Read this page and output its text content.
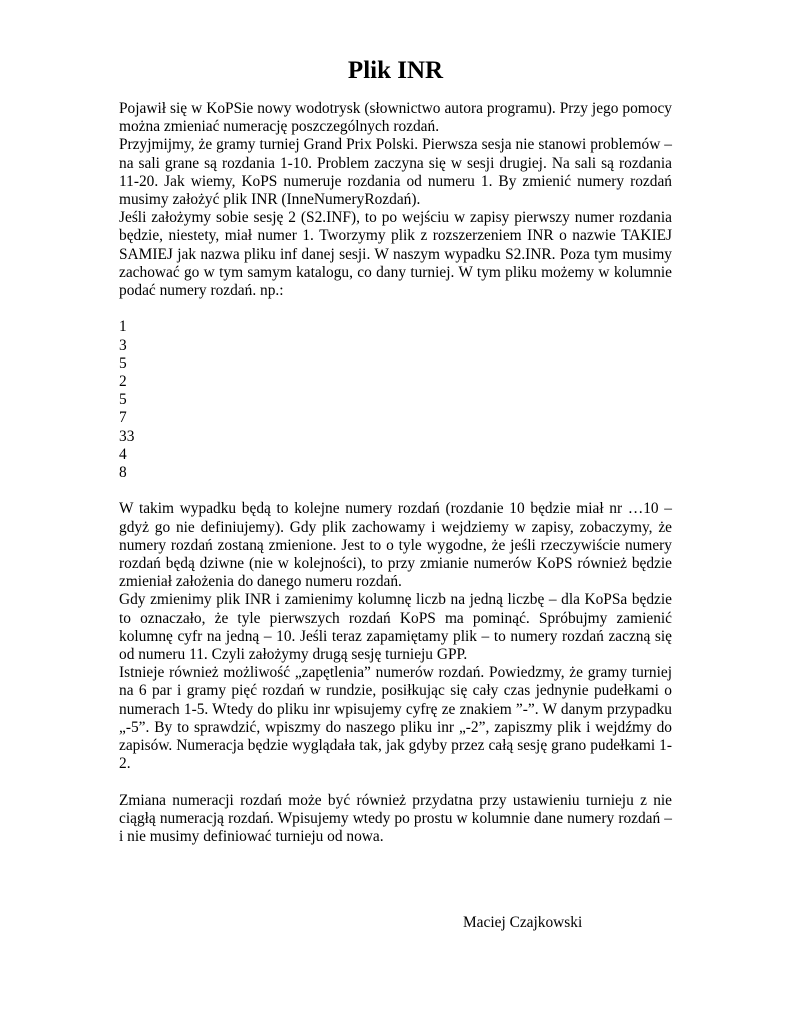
Plik INR

Pojawił się w KoPSie nowy wodotrysk (słownictwo autora programu). Przy jego pomocy można zmieniać numerację poszczególnych rozdań.

Przyjmijmy, że gramy turniej Grand Prix Polski. Pierwsza sesja nie stanowi problemów – na sali grane są rozdania 1-10. Problem zaczyna się w sesji drugiej. Na sali są rozdania 11-20. Jak wiemy, KoPS numeruje rozdania od numeru 1. By zmienić numery rozdań musimy założyć plik INR (InneNumeryRozdań).

Jeśli założymy sobie sesję 2 (S2.INF), to po wejściu w zapisy pierwszy numer rozdania będzie, niestety, miał numer 1. Tworzymy plik z rozszerzeniem INR o nazwie TAKIEJ SAMIEJ jak nazwa pliku inf danej sesji. W naszym wypadku S2.INR. Poza tym musimy zachować go w tym samym katalogu, co dany turniej. W tym pliku możemy w kolumnie podać numery rozdań. np.:

1

3

5

2

5

7

33

4

8

W takim wypadku będą to kolejne numery rozdań (rozdanie 10 będzie miał nr …10 – gdyż go nie definiujemy). Gdy plik zachowamy i wejdziemy w zapisy, zobaczymy, że numery rozdań zostaną zmienione. Jest to o tyle wygodne, że jeśli rzeczywiście numery rozdań będą dziwne (nie w kolejności), to przy zmianie numerów KoPS również będzie zmieniał założenia do danego numeru rozdań.

Gdy zmienimy plik INR i zamienimy kolumnę liczb na jedną liczbę – dla KoPSa będzie to oznaczało, że tyle pierwszych rozdań KoPS ma pominąć. Spróbujmy zamienić kolumnę cyfr na jedną – 10. Jeśli teraz zapamiętamy plik – to numery rozdań zaczną się od numeru 11. Czyli założymy drugą sesję turnieju GPP.

Istnieje również możliwość „zapętlenia” numerów rozdań. Powiedzmy, że gramy turniej na 6 par i gramy pięć rozdań w rundzie, posiłkując się cały czas jednynie pudełkami o numerach 1-5. Wtedy do pliku inr wpisujemy cyfrę ze znakiem ”-”. W danym przypadku „-5”. By to sprawdzić, wpiszmy do naszego pliku inr „-2”, zapiszmy plik i wejdźmy do zapisów. Numeracja będzie wyglądała tak, jak gdyby przez całą sesję grano pudełkami 1-2.

Zmiana numeracji rozdań może być również przydatna przy ustawieniu turnieju z nie ciągłą numeracją rozdań. Wpisujemy wtedy po prostu w kolumnie dane numery rozdań – i nie musimy definiować turnieju od nowa.

Maciej Czajkowski
